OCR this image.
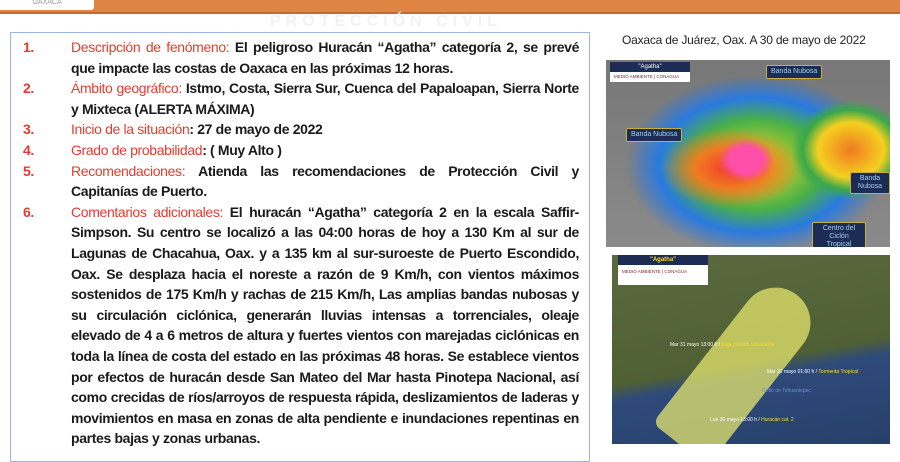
OAXACA
PROTECCIÓN CIVIL
1.	Descripción de fenómeno: El peligroso Huracán “Agatha” categoría 2, se prevé que impacte las costas de Oaxaca en las próximas 12 horas.
2.	Ámbito geográfico: Istmo, Costa, Sierra Sur, Cuenca del Papaloapan, Sierra Norte y Mixteca (ALERTA MÁXIMA)
3.	Inicio de la situación: 27 de mayo de 2022
4.	Grado de probabilidad: ( Muy Alto )
5.	Recomendaciones: Atienda las recomendaciones de Protección Civil y Capitanías de Puerto.
6.	Comentarios adicionales: El huracán “Agatha” categoría 2 en la escala Saffir-Simpson. Su centro se localizó a las 04:00 horas de hoy a 130 Km al sur de Lagunas de Chacahua, Oax. y a 135 km al sur-suroeste de Puerto Escondido, Oax. Se desplaza hacia el noreste a razón de 9 Km/h, con vientos máximos sostenidos de 175 Km/h y rachas de 215 Km/h, Las amplias bandas nubosas y su circulación ciclónica, generarán lluvias intensas a torrenciales, oleaje elevado de 4 a 6 metros de altura y fuertes vientos con marejadas ciclónicas en toda la línea de costa del estado en las próximas 48 horas. Se establece vientos por efectos de huracán desde San Mateo del Mar hasta Pinotepa Nacional, así como crecidas de ríos/arroyos de respuesta rápida, deslizamientos de laderas y movimientos en masa en zonas de alta pendiente e inundaciones repentinas en partes bajas y zonas urbanas.
Oaxaca de Juárez, Oax. A 30 de mayo de 2022
"Agatha"
MEDIO AMBIENTE | CONAGUA
Banda Nubosa
Banda Nubosa
Banda Nubosa
Centro del Ciclón Tropical
"Agatha"
MEDIO AMBIENTE | CONAGUA
Mar 31 mayo 13:00 h / Baja presión remanente
Mar 31 mayo 01:00 h / Tormenta Tropical
Lun 30 mayo 13:00 h / Huracán cat. 2
Golfo de Tehuantepec
